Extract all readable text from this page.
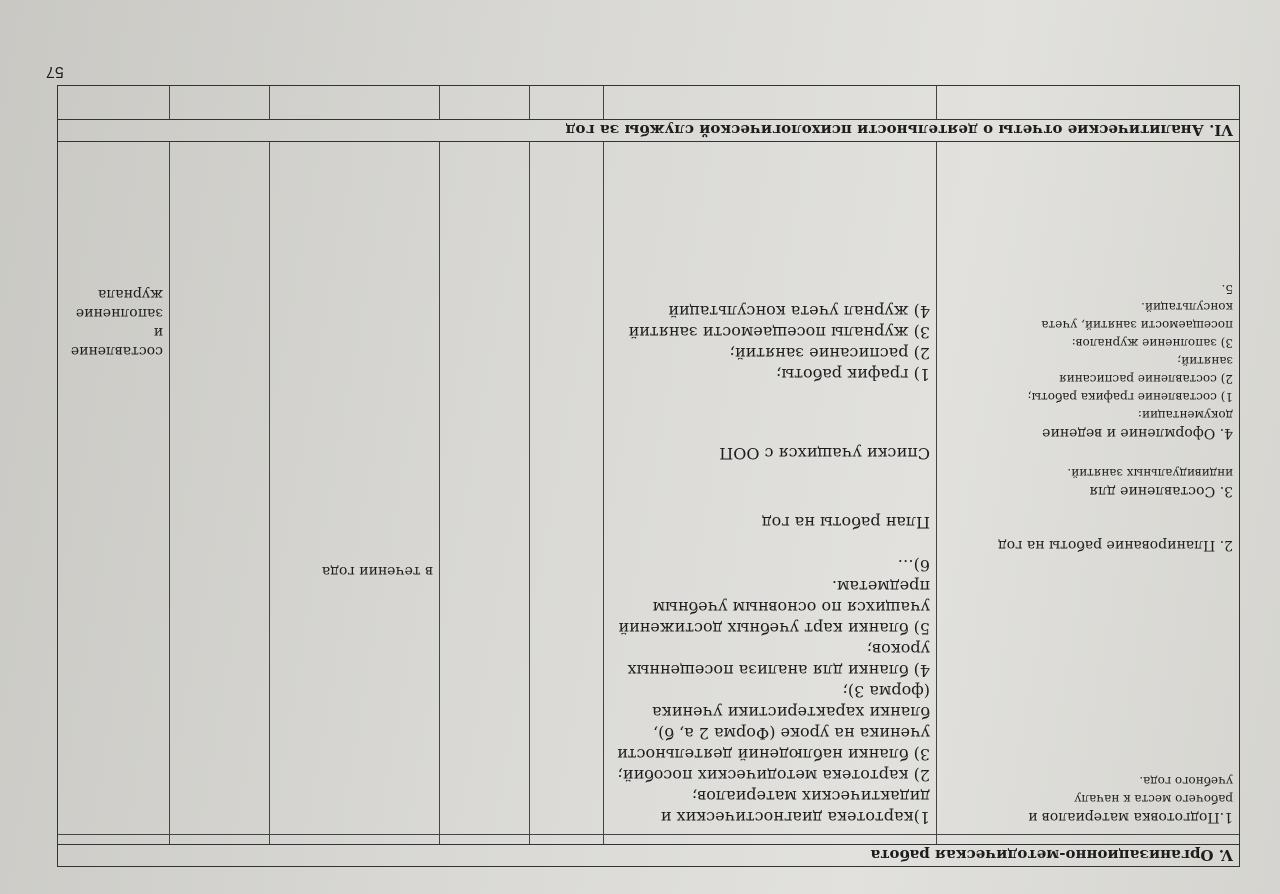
57
V. Организационно-методическая работа
1.Подготовка материалов и
рабочего места к началу
учебного года.
2. Планирование работы на год
3. Составление для
индивидуальных занятий.
4. Оформление и ведение
документации:
1) составление графика работы;
2) составление расписания
занятий;
3) заполнение журналов:
посещаемости занятий, учета
консультаций.
5.
1)картотека диагностических и
дидактических материалов;
2) картотека методических пособий;
3) бланки наблюдений деятельности
ученика на уроке (Форма 2 а, б),
бланки характеристики ученика
(форма 3);
4) бланки для анализа посещенных
уроков;
5) бланки карт учебных достижений
учащихся по основным учебным
предметам.
6)…
План работы на год
Списки учащихся с ООП
1) график работы;
2) расписание занятий;
3) журналы посещаемости занятий
4) журнал учета консультаций
в течении года
составление
и
заполнение
журнала
VI. Аналитические отчеты о деятельности психологической службы за год
